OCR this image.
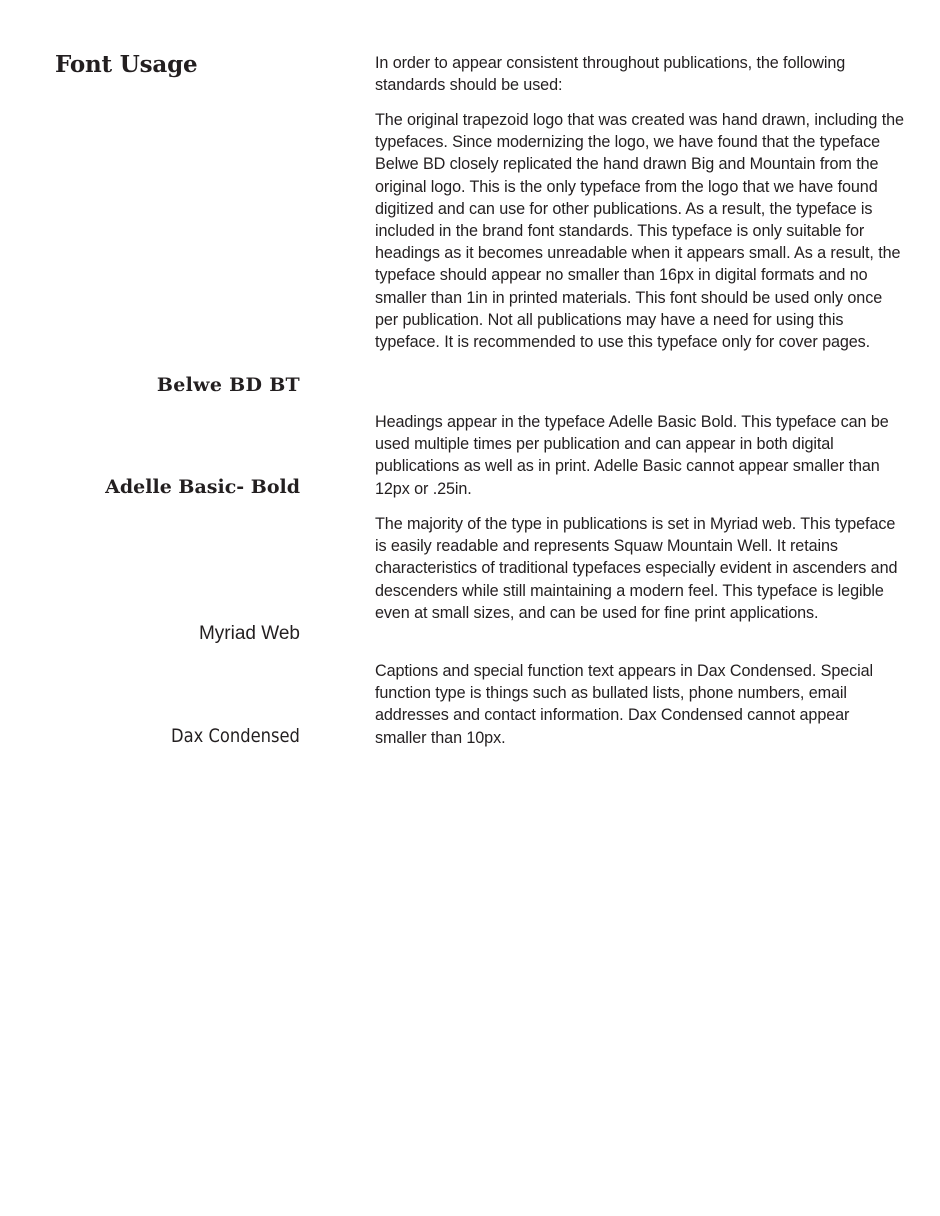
Font Usage	In order to appear consistent throughout publications, the following standards should be used:

The original trapezoid logo that was created was hand drawn, including the typefaces. Since modernizing the logo, we have found that the typeface Belwe BD closely replicated the hand drawn Big and Mountain from the original logo. This is the only typeface from the logo that we have found digitized and can use for other publications. As a result, the typeface is included in the brand font standards. This typeface is only suitable for headings as it becomes unreadable when it appears small. As a result, the typeface should appear no smaller than 16px in digital formats and no smaller than 1in in printed materials. This font should be used only once per publication. Not all publications may have a need for using this typeface. It is recommended to use this typeface only for cover pages.

Belwe BD BT

Headings appear in the typeface Adelle Basic Bold. This typeface can be used multiple times per publication and can appear in both digital publications as well as in print. Adelle Basic cannot appear smaller than 12px or .25in.

Adelle Basic- Bold

The majority of the type in publications is set in Myriad web. This typeface is easily readable and represents Squaw Mountain Well. It retains characteristics of traditional typefaces especially evident in ascenders and descenders while still maintaining a modern feel. This typeface is legible even at small sizes, and can be used for fine print applications.

Myriad Web

Captions and special function text appears in Dax Condensed. Special function type is things such as bullated lists, phone numbers, email addresses and contact information. Dax Condensed cannot appear smaller than 10px.

Dax Condensed
